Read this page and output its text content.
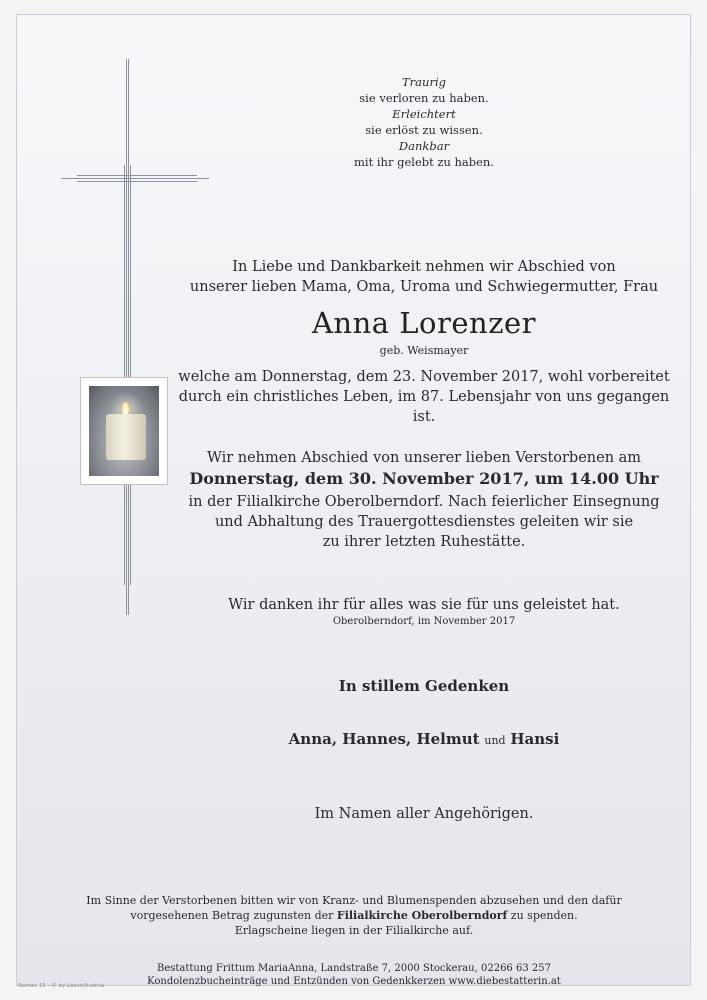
Traurig
sie verloren zu haben.
Erleichtert
sie erlöst zu wissen.
Dankbar
mit ihr gelebt zu haben.
In Liebe und Dankbarkeit nehmen wir Abschied von
unserer lieben Mama, Oma, Uroma und Schwiegermutter, Frau
Anna Lorenzer
geb. Weismayer
welche am Donnerstag, dem 23. November 2017, wohl vorbereitet
durch ein christliches Leben, im 87. Lebensjahr von uns gegangen ist.
Wir nehmen Abschied von unserer lieben Verstorbenen am
Donnerstag, dem 30. November 2017, um 14.00 Uhr
in der Filialkirche Oberolberndorf. Nach feierlicher Einsegnung
und Abhaltung des Trauergottesdienstes geleiten wir sie
zu ihrer letzten Ruhestätte.
Wir danken ihr für alles was sie für uns geleistet hat.
Oberolberndorf, im November 2017
In stillem Gedenken
Anna, Hannes, Helmut und Hansi
Im Namen aller Angehörigen.
Im Sinne der Verstorbenen bitten wir von Kranz- und Blumenspenden abzusehen und den dafür
vorgesehenen Betrag zugunsten der Filialkirche Oberolberndorf zu spenden.
Erlagscheine liegen in der Filialkirche auf.
Bestattung Frittum MariaAnna, Landstraße 7, 2000 Stockerau, 02266 63 257
Kondolenzbucheinträge und Entzünden von Gedenkkerzen www.diebestatterin.at
Roman 15 - © by Lösch/Austria
